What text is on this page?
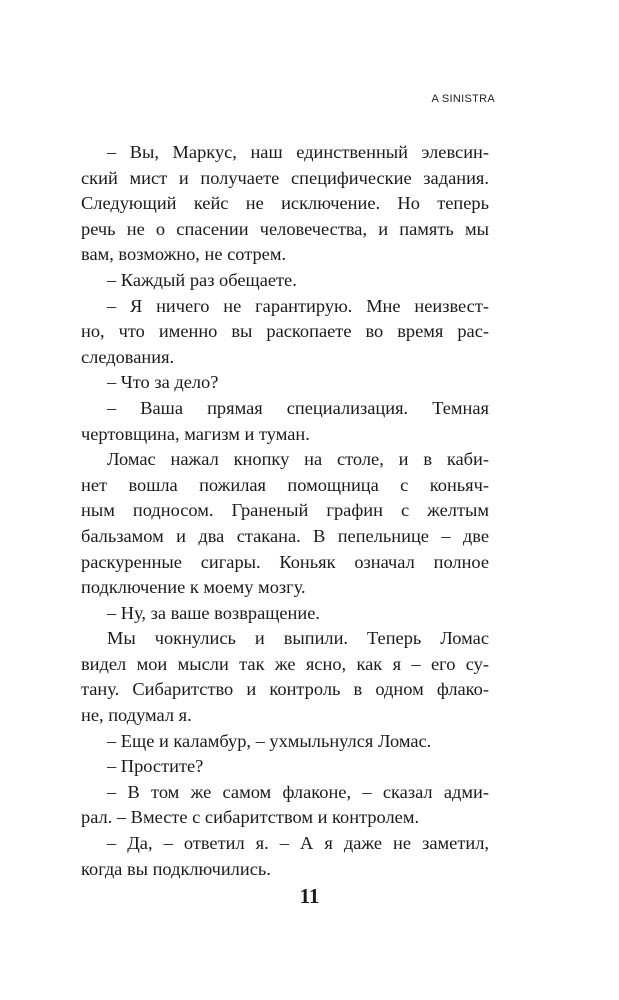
A SINISTRA
– Вы, Маркус, наш единственный элевсин-
ский мист и получаете специфические задания.
Следующий кейс не исключение. Но теперь
речь не о спасении человечества, и память мы
вам, возможно, не сотрем.
– Каждый раз обещаете.
– Я ничего не гарантирую. Мне неизвест-
но, что именно вы раскопаете во время рас-
следования.
– Что за дело?
– Ваша прямая специализация. Темная
чертовщина, магизм и туман.
Ломас нажал кнопку на столе, и в каби-
нет вошла пожилая помощница с коньяч-
ным подносом. Граненый графин с желтым
бальзамом и два стакана. В пепельнице – две
раскуренные сигары. Коньяк означал полное
подключение к моему мозгу.
– Ну, за ваше возвращение.
Мы чокнулись и выпили. Теперь Ломас
видел мои мысли так же ясно, как я – его су-
тану. Сибаритство и контроль в одном флако-
не, подумал я.
– Еще и каламбур, – ухмыльнулся Ломас.
– Простите?
– В том же самом флаконе, – сказал адми-
рал. – Вместе с сибаритством и контролем.
– Да, – ответил я. – А я даже не заметил,
когда вы подключились.
11
